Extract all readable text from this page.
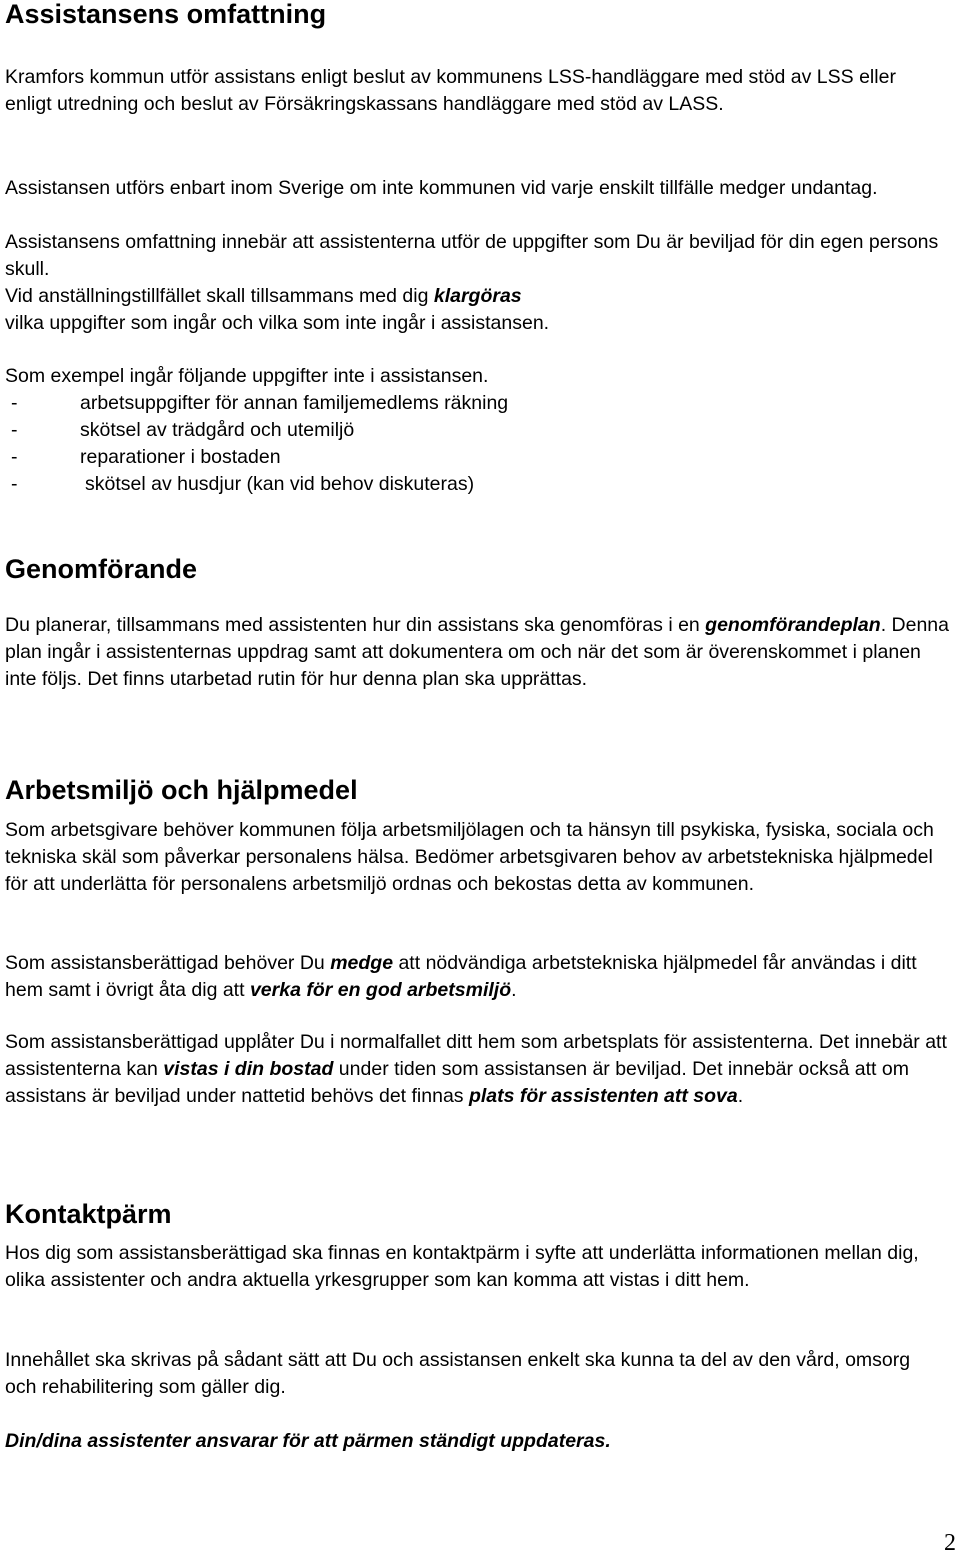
Assistansens omfattning

Kramfors kommun utför assistans enligt beslut av kommunens LSS-handläggare med stöd av LSS eller enligt utredning och beslut av Försäkringskassans handläggare med stöd av LASS.

Assistansen utförs enbart inom Sverige om inte kommunen vid varje enskilt tillfälle medger undantag.

Assistansens omfattning innebär att assistenterna utför de uppgifter som Du är beviljad för din egen persons skull.

Vid anställningstillfället skall tillsammans med dig klargöras
vilka uppgifter som ingår och vilka som inte ingår i assistansen.

Som exempel ingår följande uppgifter inte i assistansen.

-	arbetsuppgifter för annan familjemedlems räkning
-	skötsel av trädgård och utemiljö
-	reparationer i bostaden
-	skötsel av husdjur (kan vid behov diskuteras)
Genomförande

Du planerar, tillsammans med assistenten hur din assistans ska genomföras i en genomförandeplan. Denna plan ingår i assistenternas uppdrag samt att dokumentera om och när det som är överenskommet i planen inte följs. Det finns utarbetad rutin för hur denna plan ska upprättas.

Arbetsmiljö och hjälpmedel

Som arbetsgivare behöver kommunen följa arbetsmiljölagen och ta hänsyn till psykiska, fysiska, sociala och tekniska skäl som påverkar personalens hälsa. Bedömer arbetsgivaren behov av arbetstekniska hjälpmedel för att underlätta för personalens arbetsmiljö ordnas och bekostas detta av kommunen.

Som assistansberättigad behöver Du medge att nödvändiga arbetstekniska hjälpmedel får användas i ditt hem samt i övrigt åta dig att verka för en god arbetsmiljö.

Som assistansberättigad upplåter Du i normalfallet ditt hem som arbetsplats för assistenterna. Det innebär att assistenterna kan vistas i din bostad under tiden som assistansen är beviljad. Det innebär också att om assistans är beviljad under nattetid behövs det finnas plats för assistenten att sova.

Kontaktpärm

Hos dig som assistansberättigad ska finnas en kontaktpärm i syfte att underlätta informationen mellan dig, olika assistenter och andra aktuella yrkesgrupper som kan komma att vistas i ditt hem.

Innehållet ska skrivas på sådant sätt att Du och assistansen enkelt ska kunna ta del av den vård, omsorg och rehabilitering som gäller dig.

Din/dina assistenter ansvarar för att pärmen ständigt uppdateras.

2
